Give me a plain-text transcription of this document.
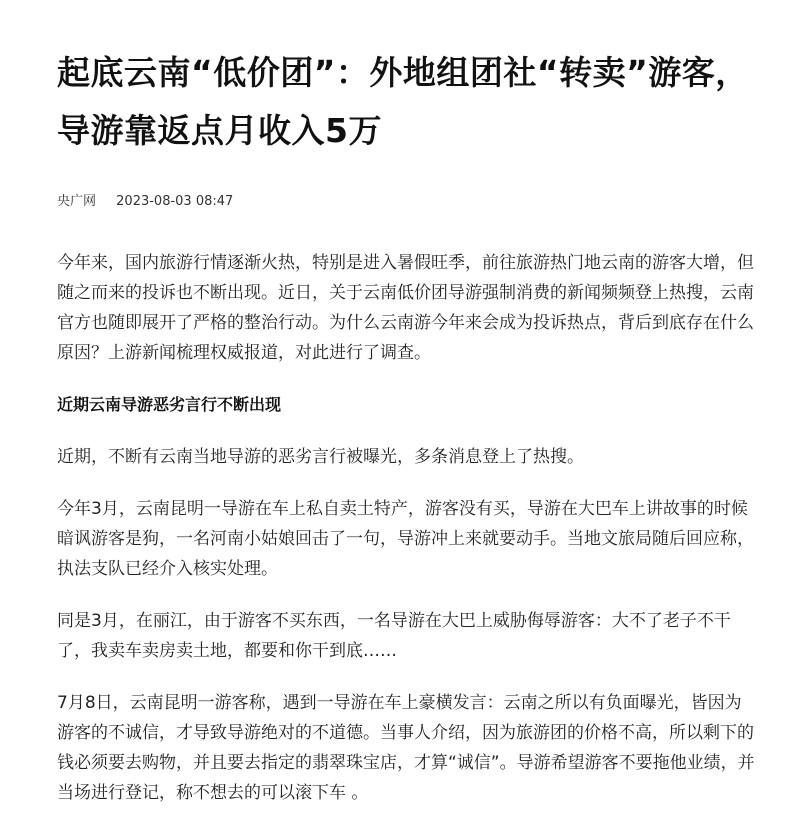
起底云南“低价团”：外地组团社“转卖”游客，导游靠返点月收入5万
央广网 2023-08-03 08:47

今年来，国内旅游行情逐渐火热，特别是进入暑假旺季，前往旅游热门地云南的游客大增，但随之而来的投诉也不断出现。近日，关于云南低价团导游强制消费的新闻频频登上热搜，云南官方也随即展开了严格的整治行动。为什么云南游今年来会成为投诉热点，背后到底存在什么原因？上游新闻梳理权威报道，对此进行了调查。

近期云南导游恶劣言行不断出现

近期，不断有云南当地导游的恶劣言行被曝光，多条消息登上了热搜。

今年3月，云南昆明一导游在车上私自卖土特产，游客没有买，导游在大巴车上讲故事的时候暗讽游客是狗，一名河南小姑娘回击了一句，导游冲上来就要动手。当地文旅局随后回应称，执法支队已经介入核实处理。

同是3月，在丽江，由于游客不买东西，一名导游在大巴上威胁侮辱游客：大不了老子不干了，我卖车卖房卖土地，都要和你干到底……

7月8日，云南昆明一游客称，遇到一导游在车上豪横发言：云南之所以有负面曝光，皆因为游客的不诚信，才导致导游绝对的不道德。当事人介绍，因为旅游团的价格不高，所以剩下的钱必须要去购物，并且要去指定的翡翠珠宝店，才算“诚信”。导游希望游客不要拖他业绩，并当场进行登记，称不想去的可以滚下车 。
